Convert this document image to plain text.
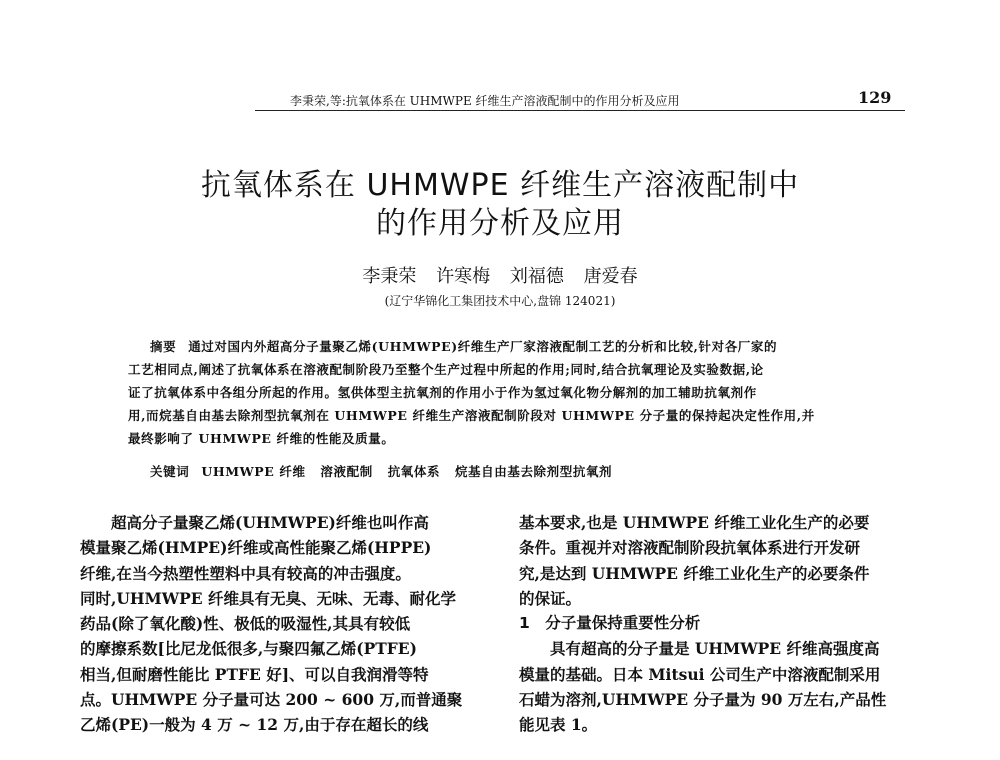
李秉荣,等:抗氧体系在 UHMWPE 纤维生产溶液配制中的作用分析及应用	129
抗氧体系在 UHMWPE 纤维生产溶液配制中
的作用分析及应用
李秉荣 许寒梅 刘福德 唐爱春
(辽宁华锦化工集团技术中心,盘锦 124021)
摘要 通过对国内外超高分子量聚乙烯(UHMWPE)纤维生产厂家溶液配制工艺的分析和比较,针对各厂家的
工艺相同点,阐述了抗氧体系在溶液配制阶段乃至整个生产过程中所起的作用;同时,结合抗氧理论及实验数据,论
证了抗氧体系中各组分所起的作用。氢供体型主抗氧剂的作用小于作为氢过氧化物分解剂的加工辅助抗氧剂作
用,而烷基自由基去除剂型抗氧剂在 UHMWPE 纤维生产溶液配制阶段对 UHMWPE 分子量的保持起决定性作用,并
最终影响了 UHMWPE 纤维的性能及质量。
关键词 UHMWPE 纤维   溶液配制   抗氧体系   烷基自由基去除剂型抗氧剂
　　超高分子量聚乙烯(UHMWPE)纤维也叫作高
模量聚乙烯(HMPE)纤维或高性能聚乙烯(HPPE)
纤维,在当今热塑性塑料中具有较高的冲击强度。
同时,UHMWPE 纤维具有无臭、无味、无毒、耐化学
药品(除了氧化酸)性、极低的吸湿性,其具有较低
的摩擦系数[比尼龙低很多,与聚四氟乙烯(PTFE)
相当,但耐磨性能比 PTFE 好]、可以自我润滑等特
点。UHMWPE 分子量可达 200 ~ 600 万,而普通聚
乙烯(PE)一般为 4 万 ~ 12 万,由于存在超长的线
基本要求,也是 UHMWPE 纤维工业化生产的必要
条件。重视并对溶液配制阶段抗氧体系进行开发研
究,是达到 UHMWPE 纤维工业化生产的必要条件
的保证。
1　分子量保持重要性分析
　　具有超高的分子量是 UHMWPE 纤维高强度高
模量的基础。日本 Mitsui 公司生产中溶液配制采用
石蜡为溶剂,UHMWPE 分子量为 90 万左右,产品性
能见表 1。
